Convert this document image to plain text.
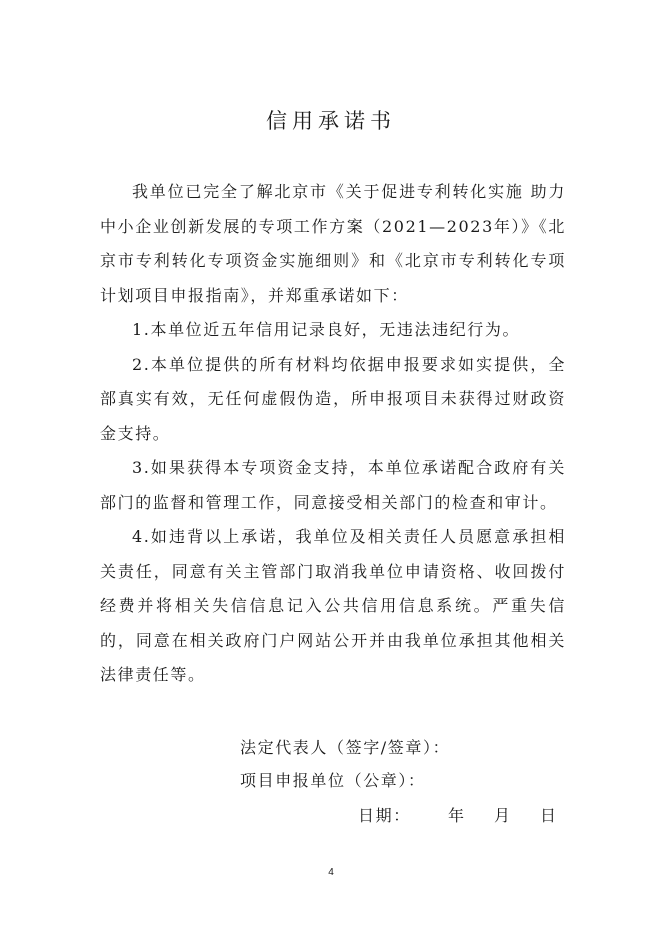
信用承诺书

我单位已完全了解北京市《关于促进专利转化实施 助力中小企业创新发展的专项工作方案（2021—2023年）》《北京市专利转化专项资金实施细则》和《北京市专利转化专项计划项目申报指南》，并郑重承诺如下：

1.本单位近五年信用记录良好，无违法违纪行为。

2.本单位提供的所有材料均依据申报要求如实提供，全部真实有效，无任何虚假伪造，所申报项目未获得过财政资金支持。

3.如果获得本专项资金支持，本单位承诺配合政府有关部门的监督和管理工作，同意接受相关部门的检查和审计。

4.如违背以上承诺，我单位及相关责任人员愿意承担相关责任，同意有关主管部门取消我单位申请资格、收回拨付经费并将相关失信信息记入公共信用信息系统。严重失信的，同意在相关政府门户网站公开并由我单位承担其他相关法律责任等。

法定代表人（签字/签章）：
项目申报单位（公章）：
日期： 年 月 日
4
